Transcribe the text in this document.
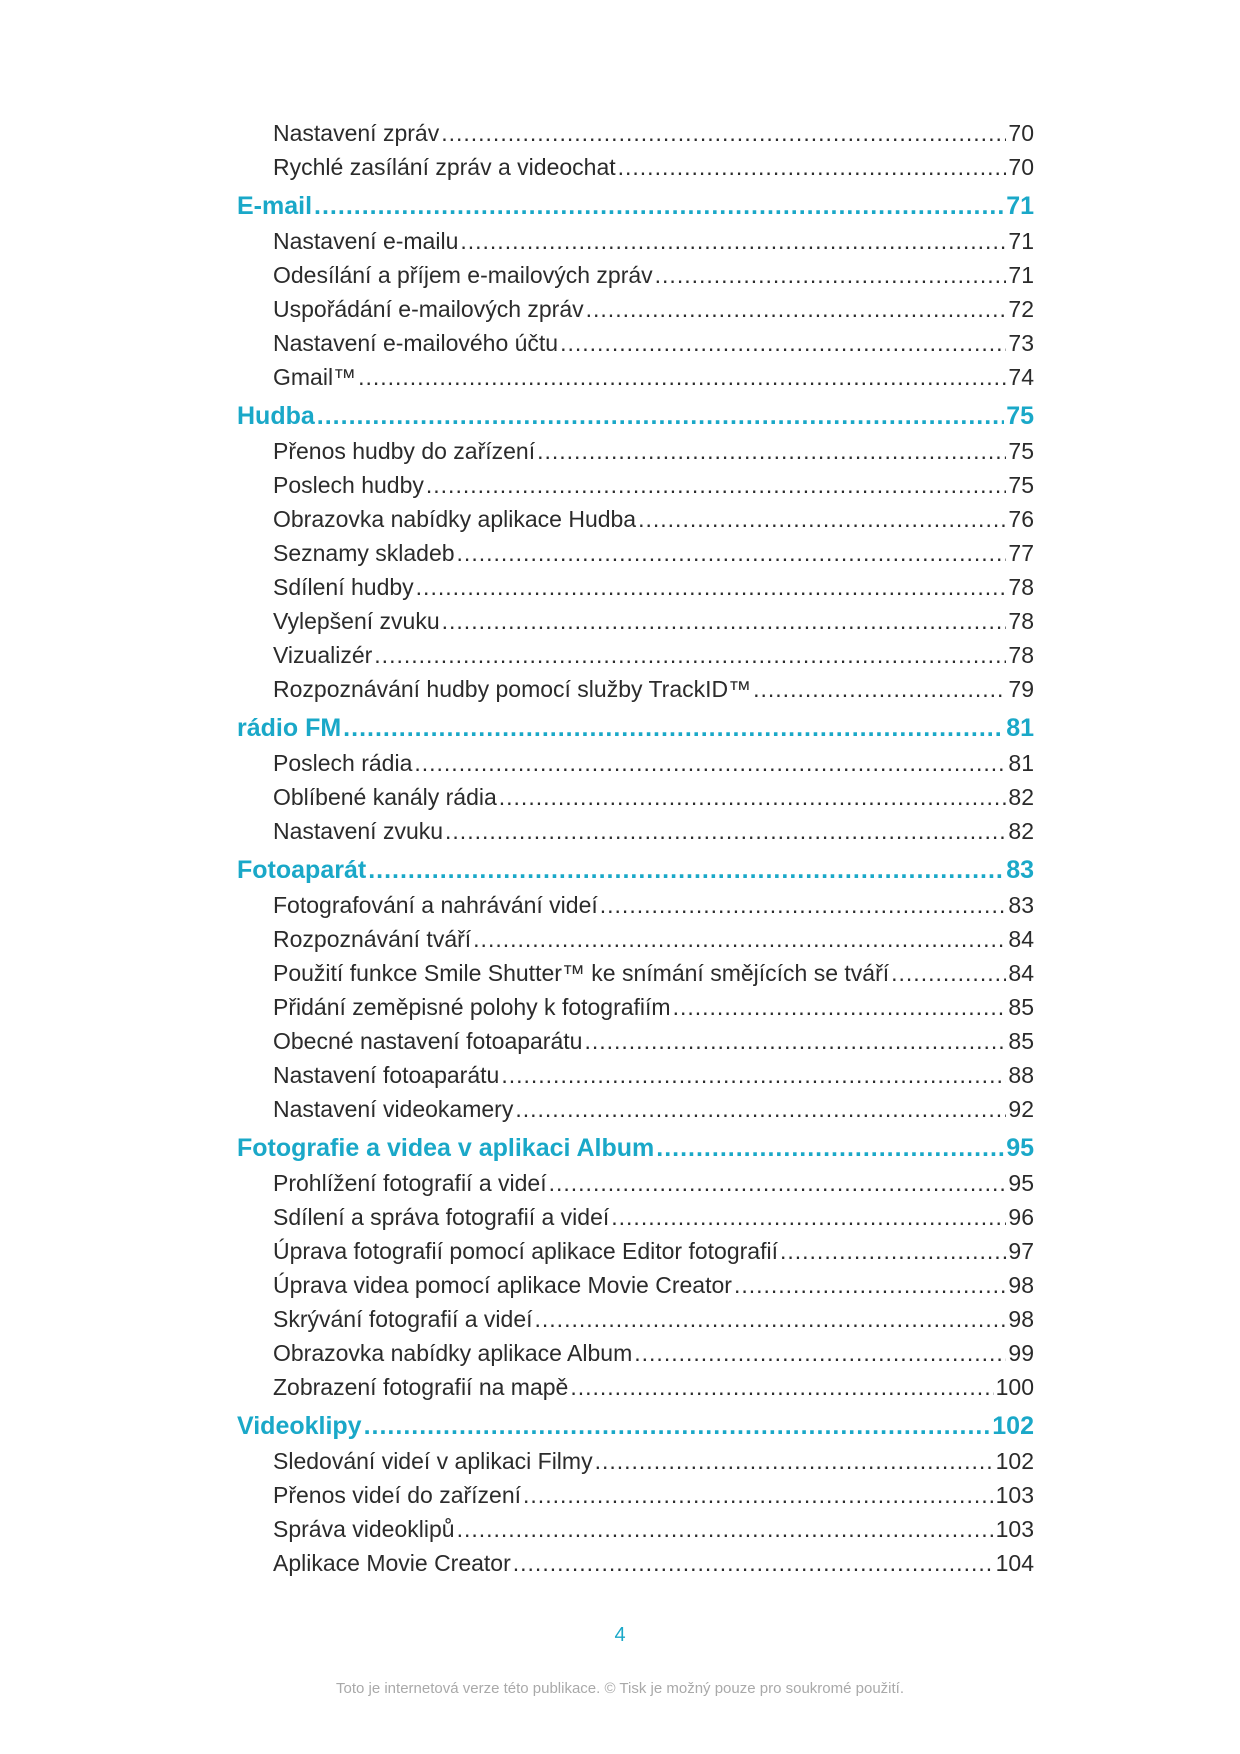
Nastavení zpráv .....	70
Rychlé zasílání zpráv a videochat .....	70
E-mail .....	71
Nastavení e-mailu .....	71
Odesílání a příjem e-mailových zpráv .....	71
Uspořádání e-mailových zpráv .....	72
Nastavení e-mailového účtu .....	73
Gmail™ .....	74
Hudba .....	75
Přenos hudby do zařízení .....	75
Poslech hudby .....	75
Obrazovka nabídky aplikace Hudba .....	76
Seznamy skladeb .....	77
Sdílení hudby .....	78
Vylepšení zvuku .....	78
Vizualizér .....	78
Rozpoznávání hudby pomocí služby TrackID™ .....	79
rádio FM .....	81
Poslech rádia .....	81
Oblíbené kanály rádia .....	82
Nastavení zvuku .....	82
Fotoaparát .....	83
Fotografování a nahrávání videí .....	83
Rozpoznávání tváří .....	84
Použití funkce Smile Shutter™ ke snímání smějících se tváří .....	84
Přidání zeměpisné polohy k fotografiím .....	85
Obecné nastavení fotoaparátu .....	85
Nastavení fotoaparátu .....	88
Nastavení videokamery .....	92
Fotografie a videa v aplikaci Album .....	95
Prohlížení fotografií a videí .....	95
Sdílení a správa fotografií a videí .....	96
Úprava fotografií pomocí aplikace Editor fotografií .....	97
Úprava videa pomocí aplikace Movie Creator .....	98
Skrývání fotografií a videí .....	98
Obrazovka nabídky aplikace Album .....	99
Zobrazení fotografií na mapě .....	100
Videoklipy .....	102
Sledování videí v aplikaci Filmy .....	102
Přenos videí do zařízení .....	103
Správa videoklipů .....	103
Aplikace Movie Creator .....	104
4
Toto je internetová verze této publikace. © Tisk je možný pouze pro soukromé použití.
